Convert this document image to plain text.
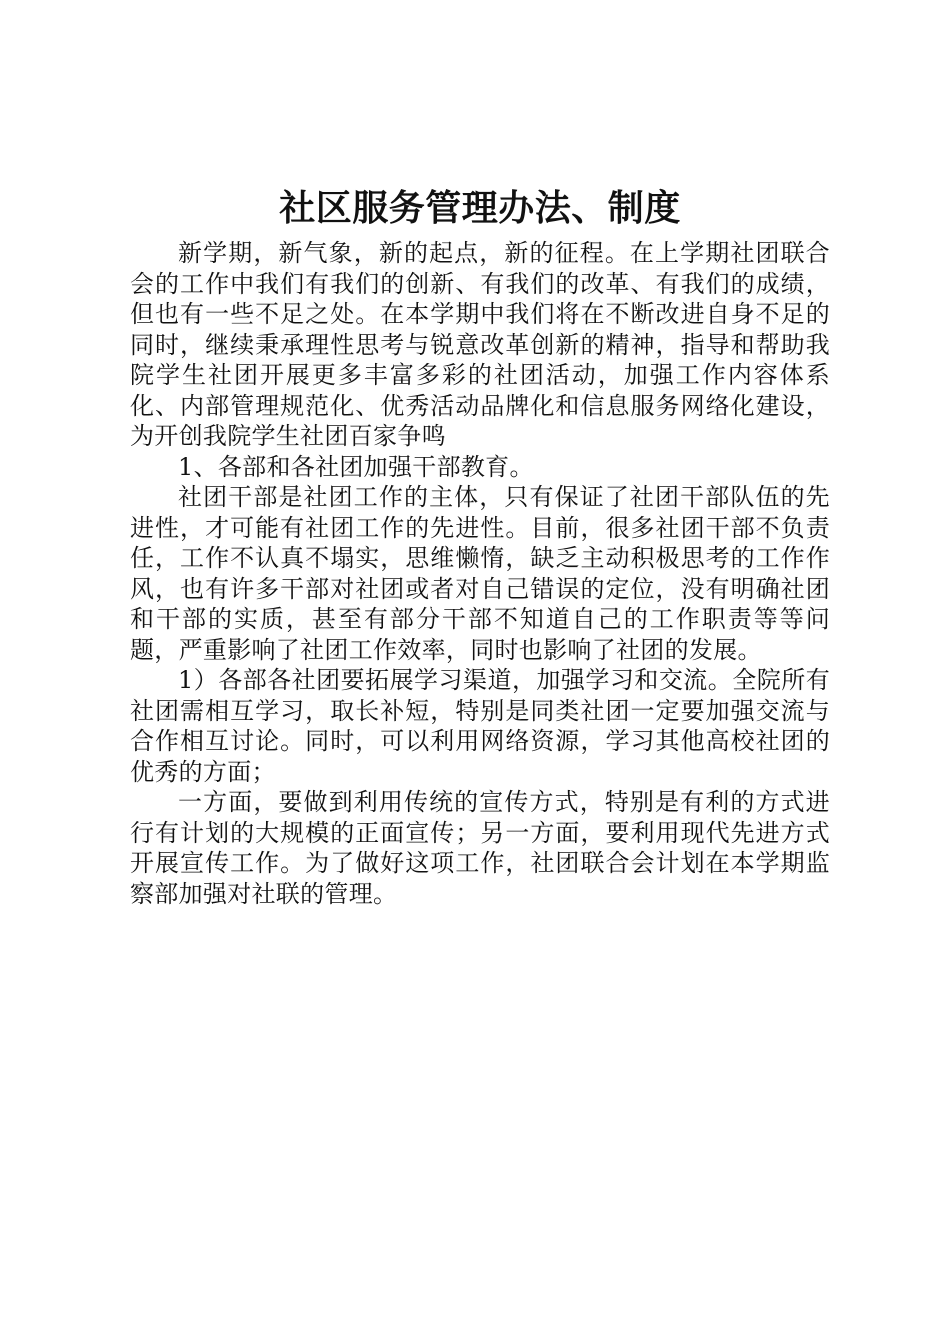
社区服务管理办法、制度

新学期，新气象，新的起点，新的征程。在上学期社团联合会的工作中我们有我们的创新、有我们的改革、有我们的成绩，但也有一些不足之处。在本学期中我们将在不断改进自身不足的同时，继续秉承理性思考与锐意改革创新的精神，指导和帮助我院学生社团开展更多丰富多彩的社团活动，加强工作内容体系化、内部管理规范化、优秀活动品牌化和信息服务网络化建设，为开创我院学生社团百家争鸣

1、各部和各社团加强干部教育。

社团干部是社团工作的主体，只有保证了社团干部队伍的先进性，才可能有社团工作的先进性。目前，很多社团干部不负责任，工作不认真不塌实，思维懒惰，缺乏主动积极思考的工作作风，也有许多干部对社团或者对自己错误的定位，没有明确社团和干部的实质，甚至有部分干部不知道自己的工作职责等等问题，严重影响了社团工作效率，同时也影响了社团的发展。

1）各部各社团要拓展学习渠道，加强学习和交流。全院所有社团需相互学习，取长补短，特别是同类社团一定要加强交流与合作相互讨论。同时，可以利用网络资源，学习其他高校社团的优秀的方面；

一方面，要做到利用传统的宣传方式，特别是有利的方式进行有计划的大规模的正面宣传；另一方面，要利用现代先进方式开展宣传工作。为了做好这项工作，社团联合会计划在本学期监察部加强对社联的管理。
